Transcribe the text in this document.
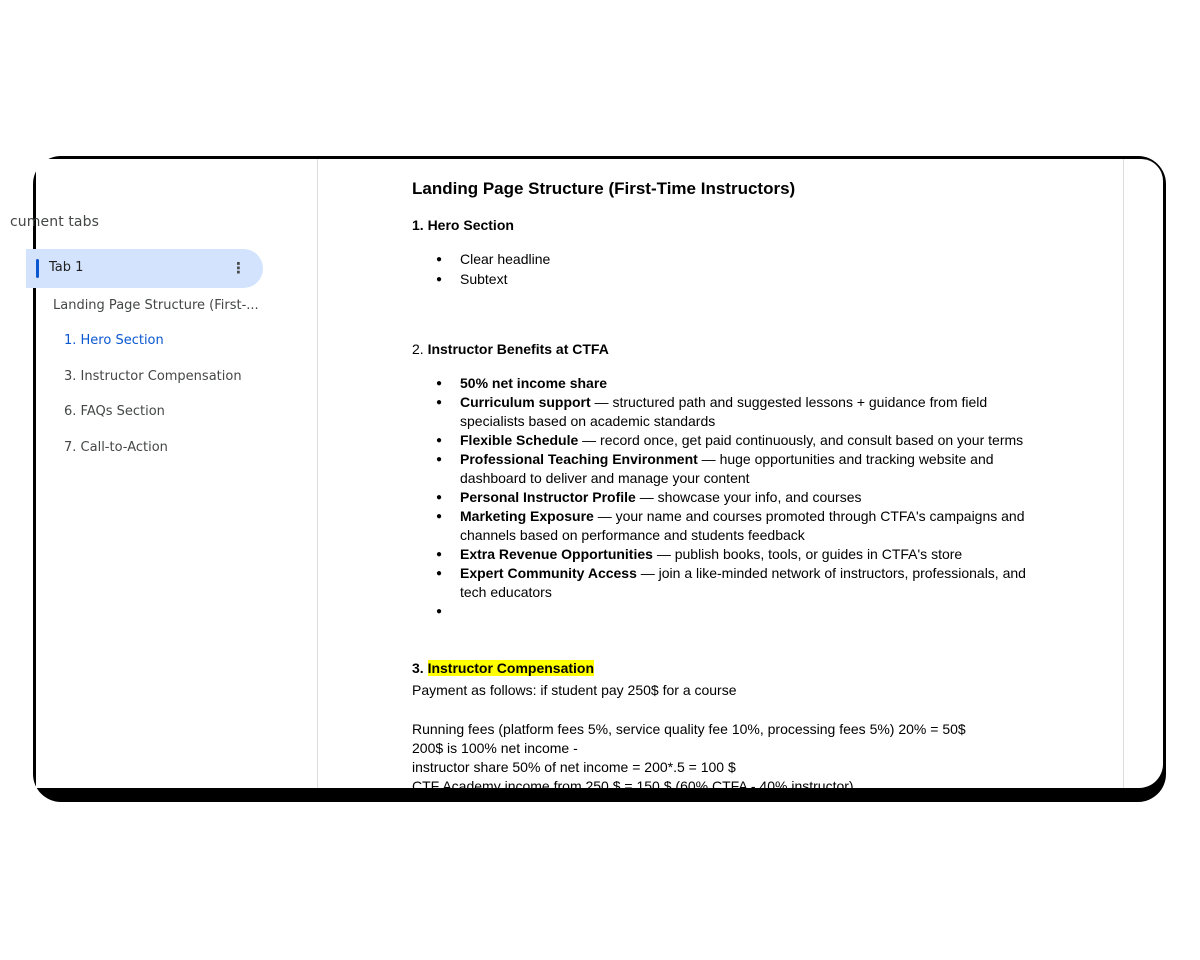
cument tabs
Tab 1	⋮
Landing Page Structure (First-...
1. Hero Section
3. Instructor Compensation
6. FAQs Section
7. Call-to-Action
Landing Page Structure (First-Time Instructors)
1. Hero Section
● Clear headline
● Subtext
2. Instructor Benefits at CTFA
● 50% net income share
● Curriculum support — structured path and suggested lessons + guidance from field specialists based on academic standards
● Flexible Schedule — record once, get paid continuously, and consult based on your terms
● Professional Teaching Environment — huge opportunities and tracking website and dashboard to deliver and manage your content
● Personal Instructor Profile — showcase your info, and courses
● Marketing Exposure — your name and courses promoted through CTFA's campaigns and channels based on performance and students feedback
● Extra Revenue Opportunities — publish books, tools, or guides in CTFA's store
● Expert Community Access — join a like-minded network of instructors, professionals, and tech educators
●
3. Instructor Compensation
Payment as follows: if student pay 250$ for a course
Running fees (platform fees 5%, service quality fee 10%, processing fees 5%) 20% = 50$
200$ is 100% net income -
instructor share 50% of net income = 200*.5 = 100 $
CTF Academy income from 250 $ = 150 $ (60% CTFA - 40% instructor)
